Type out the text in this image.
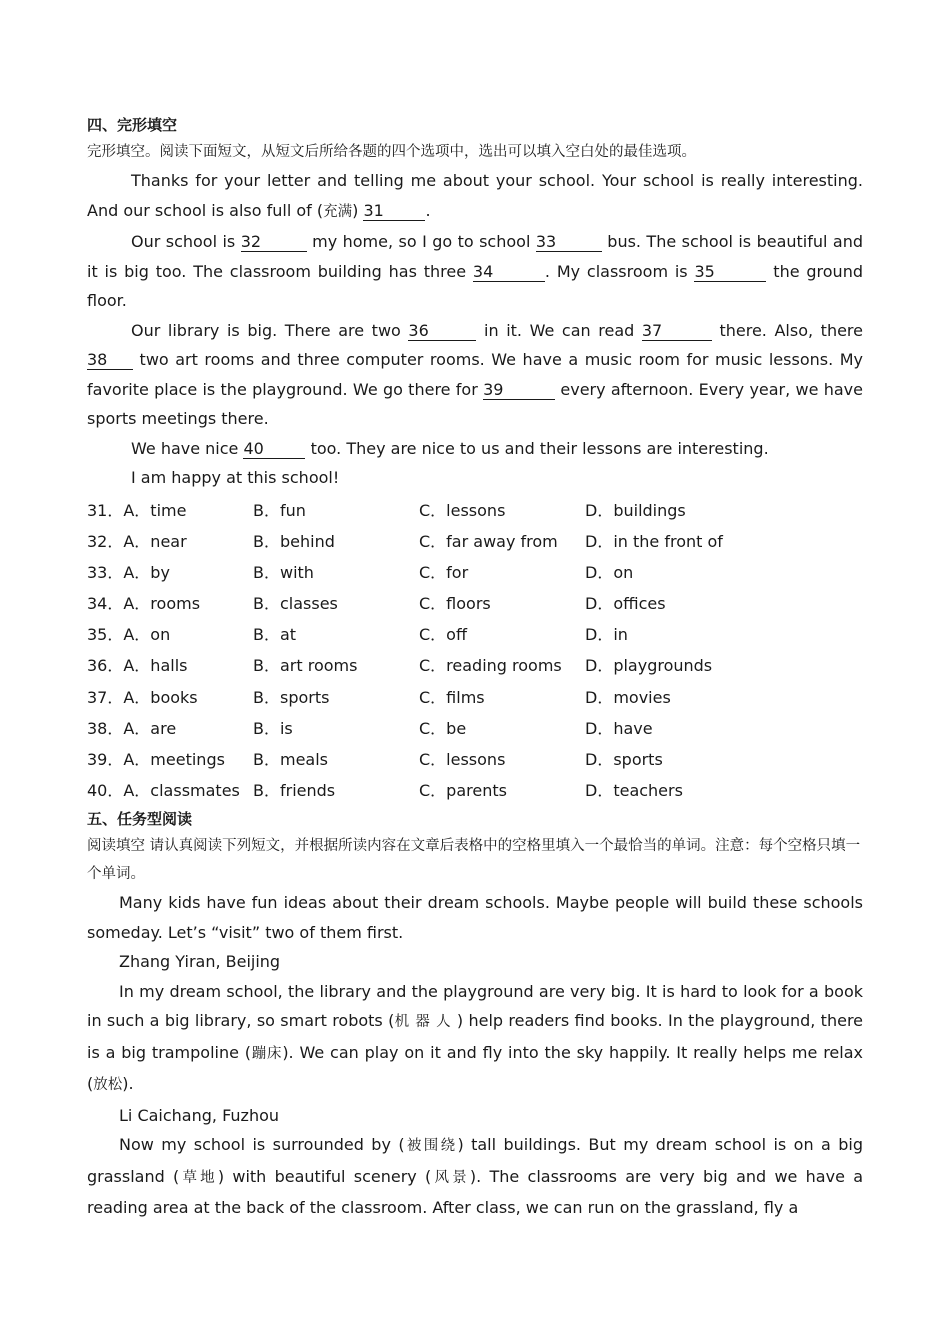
四、完形填空
完形填空。阅读下面短文，从短文后所给各题的四个选项中，选出可以填入空白处的最佳选项。

Thanks for your letter and telling me about your school. Your school is really interesting. And our school is also full of (充满) 31	.

Our school is 32	my home, so I go to school 33	bus. The school is beautiful and it is big too. The classroom building has three 34	. My classroom is 35	the ground floor.

Our library is big. There are two 36	in it. We can read 37	there. Also, there 38 two art rooms and three computer rooms. We have a music room for music lessons. My favorite place is the playground. We go there for 39	every afternoon. Every year, we have sports meetings there.

We have nice 40	too. They are nice to us and their lessons are interesting.

I am happy at this school!

31．A．time	B．fun	C．lessons	D．buildings
32．A．near	B．behind	C．far away from	D．in the front of
33．A．by	B．with	C．for	D．on
34．A．rooms	B．classes	C．floors	D．offices
35．A．on	B．at	C．off	D．in
36．A．halls	B．art rooms	C．reading rooms	D．playgrounds
37．A．books	B．sports	C．films	D．movies
38．A．are	B．is	C．be	D．have
39．A．meetings	B．meals	C．lessons	D．sports
40．A．classmates B．friends	C．parents	D．teachers
五、任务型阅读
阅读填空 请认真阅读下列短文，并根据所读内容在文章后表格中的空格里填入一个最恰当的单词。注意：每个空格只填一个单词。

Many kids have fun ideas about their dream schools. Maybe people will build these schools someday. Let’s “visit” two of them first.

Zhang Yiran, Beijing

In my dream school, the library and the playground are very big. It is hard to look for a book in such a big library, so smart robots (机器人) help readers find books. In the playground, there is a big trampoline (蹦床). We can play on it and fly into the sky happily. It really helps me relax (放松).

Li Caichang, Fuzhou

Now my school is surrounded by (被围绕) tall buildings. But my dream school is on a big grassland (草地) with beautiful scenery (风景). The classrooms are very big and we have a reading area at the back of the classroom. After class, we can run on the grassland, fly a
